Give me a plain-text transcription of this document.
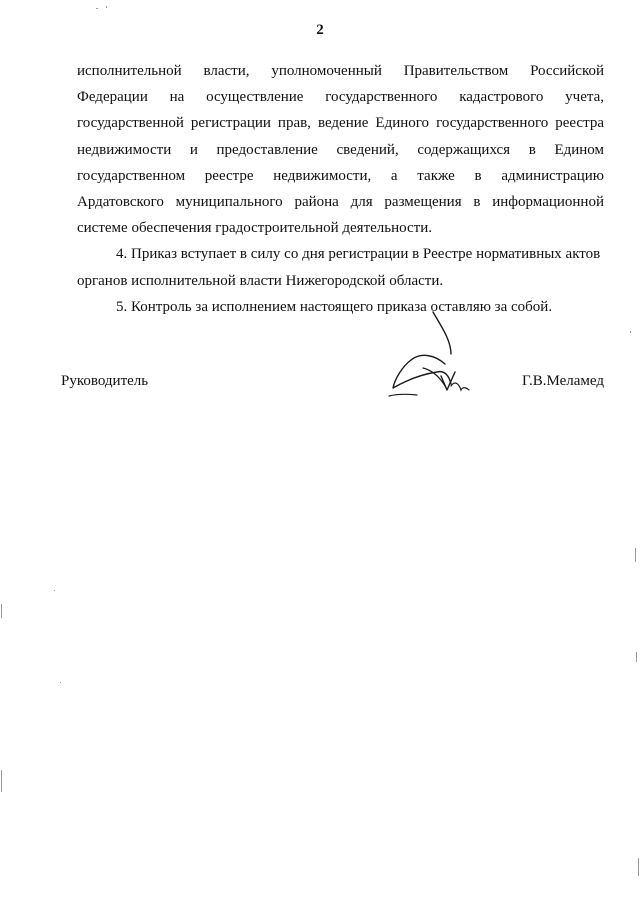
2
исполнительной власти, уполномоченный Правительством Российской
Федерации на осуществление государственного кадастрового учета,
государственной регистрации прав, ведение Единого государственного реестра
недвижимости и предоставление сведений, содержащихся в Едином
государственном реестре недвижимости, а также в администрацию
Ардатовского муниципального района для размещения в информационной
системе обеспечения градостроительной деятельности.
4. Приказ вступает в силу со дня регистрации в Реестре нормативных актов
органов исполнительной власти Нижегородской области.
5. Контроль за исполнением настоящего приказа оставляю за собой.
Руководитель	Г.В.Меламед
